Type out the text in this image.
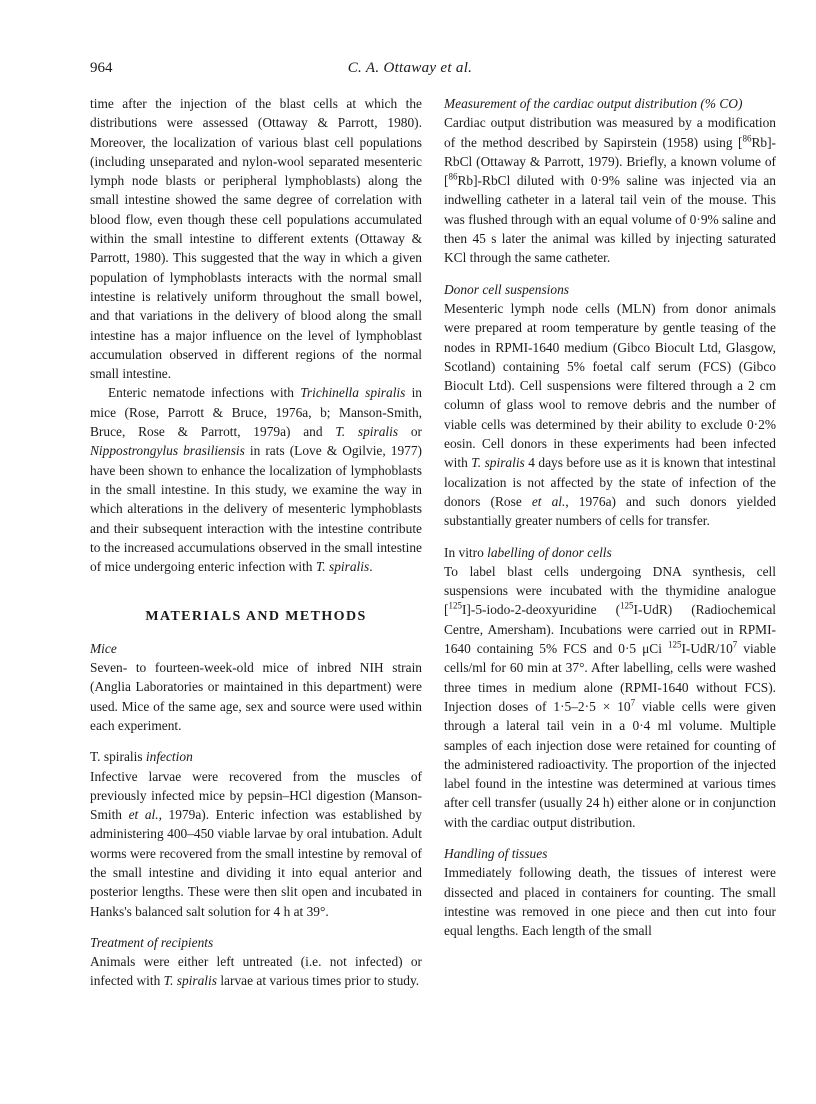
964	C. A. Ottaway et al.

time after the injection of the blast cells at which the distributions were assessed (Ottaway & Parrott, 1980). Moreover, the localization of various blast cell populations (including unseparated and nylon-wool separated mesenteric lymph node blasts or peripheral lymphoblasts) along the small intestine showed the same degree of correlation with blood flow, even though these cell populations accumulated within the small intestine to different extents (Ottaway & Parrott, 1980). This suggested that the way in which a given population of lymphoblasts interacts with the normal small intestine is relatively uniform throughout the small bowel, and that variations in the delivery of blood along the small intestine has a major influence on the level of lymphoblast accumulation observed in different regions of the normal small intestine.

Enteric nematode infections with Trichinella spiralis in mice (Rose, Parrott & Bruce, 1976a, b; Manson-Smith, Bruce, Rose & Parrott, 1979a) and T. spiralis or Nippostrongylus brasiliensis in rats (Love & Ogilvie, 1977) have been shown to enhance the localization of lymphoblasts in the small intestine. In this study, we examine the way in which alterations in the delivery of mesenteric lymphoblasts and their subsequent interaction with the intestine contribute to the increased accumulations observed in the small intestine of mice undergoing enteric infection with T. spiralis.

MATERIALS AND METHODS

Mice

Seven- to fourteen-week-old mice of inbred NIH strain (Anglia Laboratories or maintained in this department) were used. Mice of the same age, sex and source were used within each experiment.

T. spiralis infection

Infective larvae were recovered from the muscles of previously infected mice by pepsin–HCl digestion (Manson-Smith et al., 1979a). Enteric infection was established by administering 400–450 viable larvae by oral intubation. Adult worms were recovered from the small intestine by removal of the small intestine and dividing it into equal anterior and posterior lengths. These were then slit open and incubated in Hanks's balanced salt solution for 4 h at 39°.

Treatment of recipients

Animals were either left untreated (i.e. not infected) or infected with T. spiralis larvae at various times prior to study.

Measurement of the cardiac output distribution (% CO)

Cardiac output distribution was measured by a modification of the method described by Sapirstein (1958) using [$^{86}$Rb]-RbCl (Ottaway & Parrott, 1979). Briefly, a known volume of [$^{86}$Rb]-RbCl diluted with 0·9% saline was injected via an indwelling catheter in a lateral tail vein of the mouse. This was flushed through with an equal volume of 0·9% saline and then 45 s later the animal was killed by injecting saturated KCl through the same catheter.

Donor cell suspensions

Mesenteric lymph node cells (MLN) from donor animals were prepared at room temperature by gentle teasing of the nodes in RPMI-1640 medium (Gibco Biocult Ltd, Glasgow, Scotland) containing 5% foetal calf serum (FCS) (Gibco Biocult Ltd). Cell suspensions were filtered through a 2 cm column of glass wool to remove debris and the number of viable cells was determined by their ability to exclude 0·2% eosin. Cell donors in these experiments had been infected with T. spiralis 4 days before use as it is known that intestinal localization is not affected by the state of infection of the donors (Rose et al., 1976a) and such donors yielded substantially greater numbers of cells for transfer.

In vitro labelling of donor cells

To label blast cells undergoing DNA synthesis, cell suspensions were incubated with the thymidine analogue [$^{125}$I]-5-iodo-2-deoxyuridine ($^{125}$I-UdR) (Radiochemical Centre, Amersham). Incubations were carried out in RPMI-1640 containing 5% FCS and 0·5 μCi $^{125}I-UdR/10^7$ viable cells/ml for 60 min at 37°. After labelling, cells were washed three times in medium alone (RPMI-1640 without FCS). Injection doses of $1\cdot 5-2\cdot 5 \times 10^7$ viable cells were given through a lateral tail vein in a 0·4 ml volume. Multiple samples of each injection dose were retained for counting of the administered radioactivity. The proportion of the injected label found in the intestine was determined at various times after cell transfer (usually 24 h) either alone or in conjunction with the cardiac output distribution.

Handling of tissues

Immediately following death, the tissues of interest were dissected and placed in containers for counting. The small intestine was removed in one piece and then cut into four equal lengths. Each length of the small
